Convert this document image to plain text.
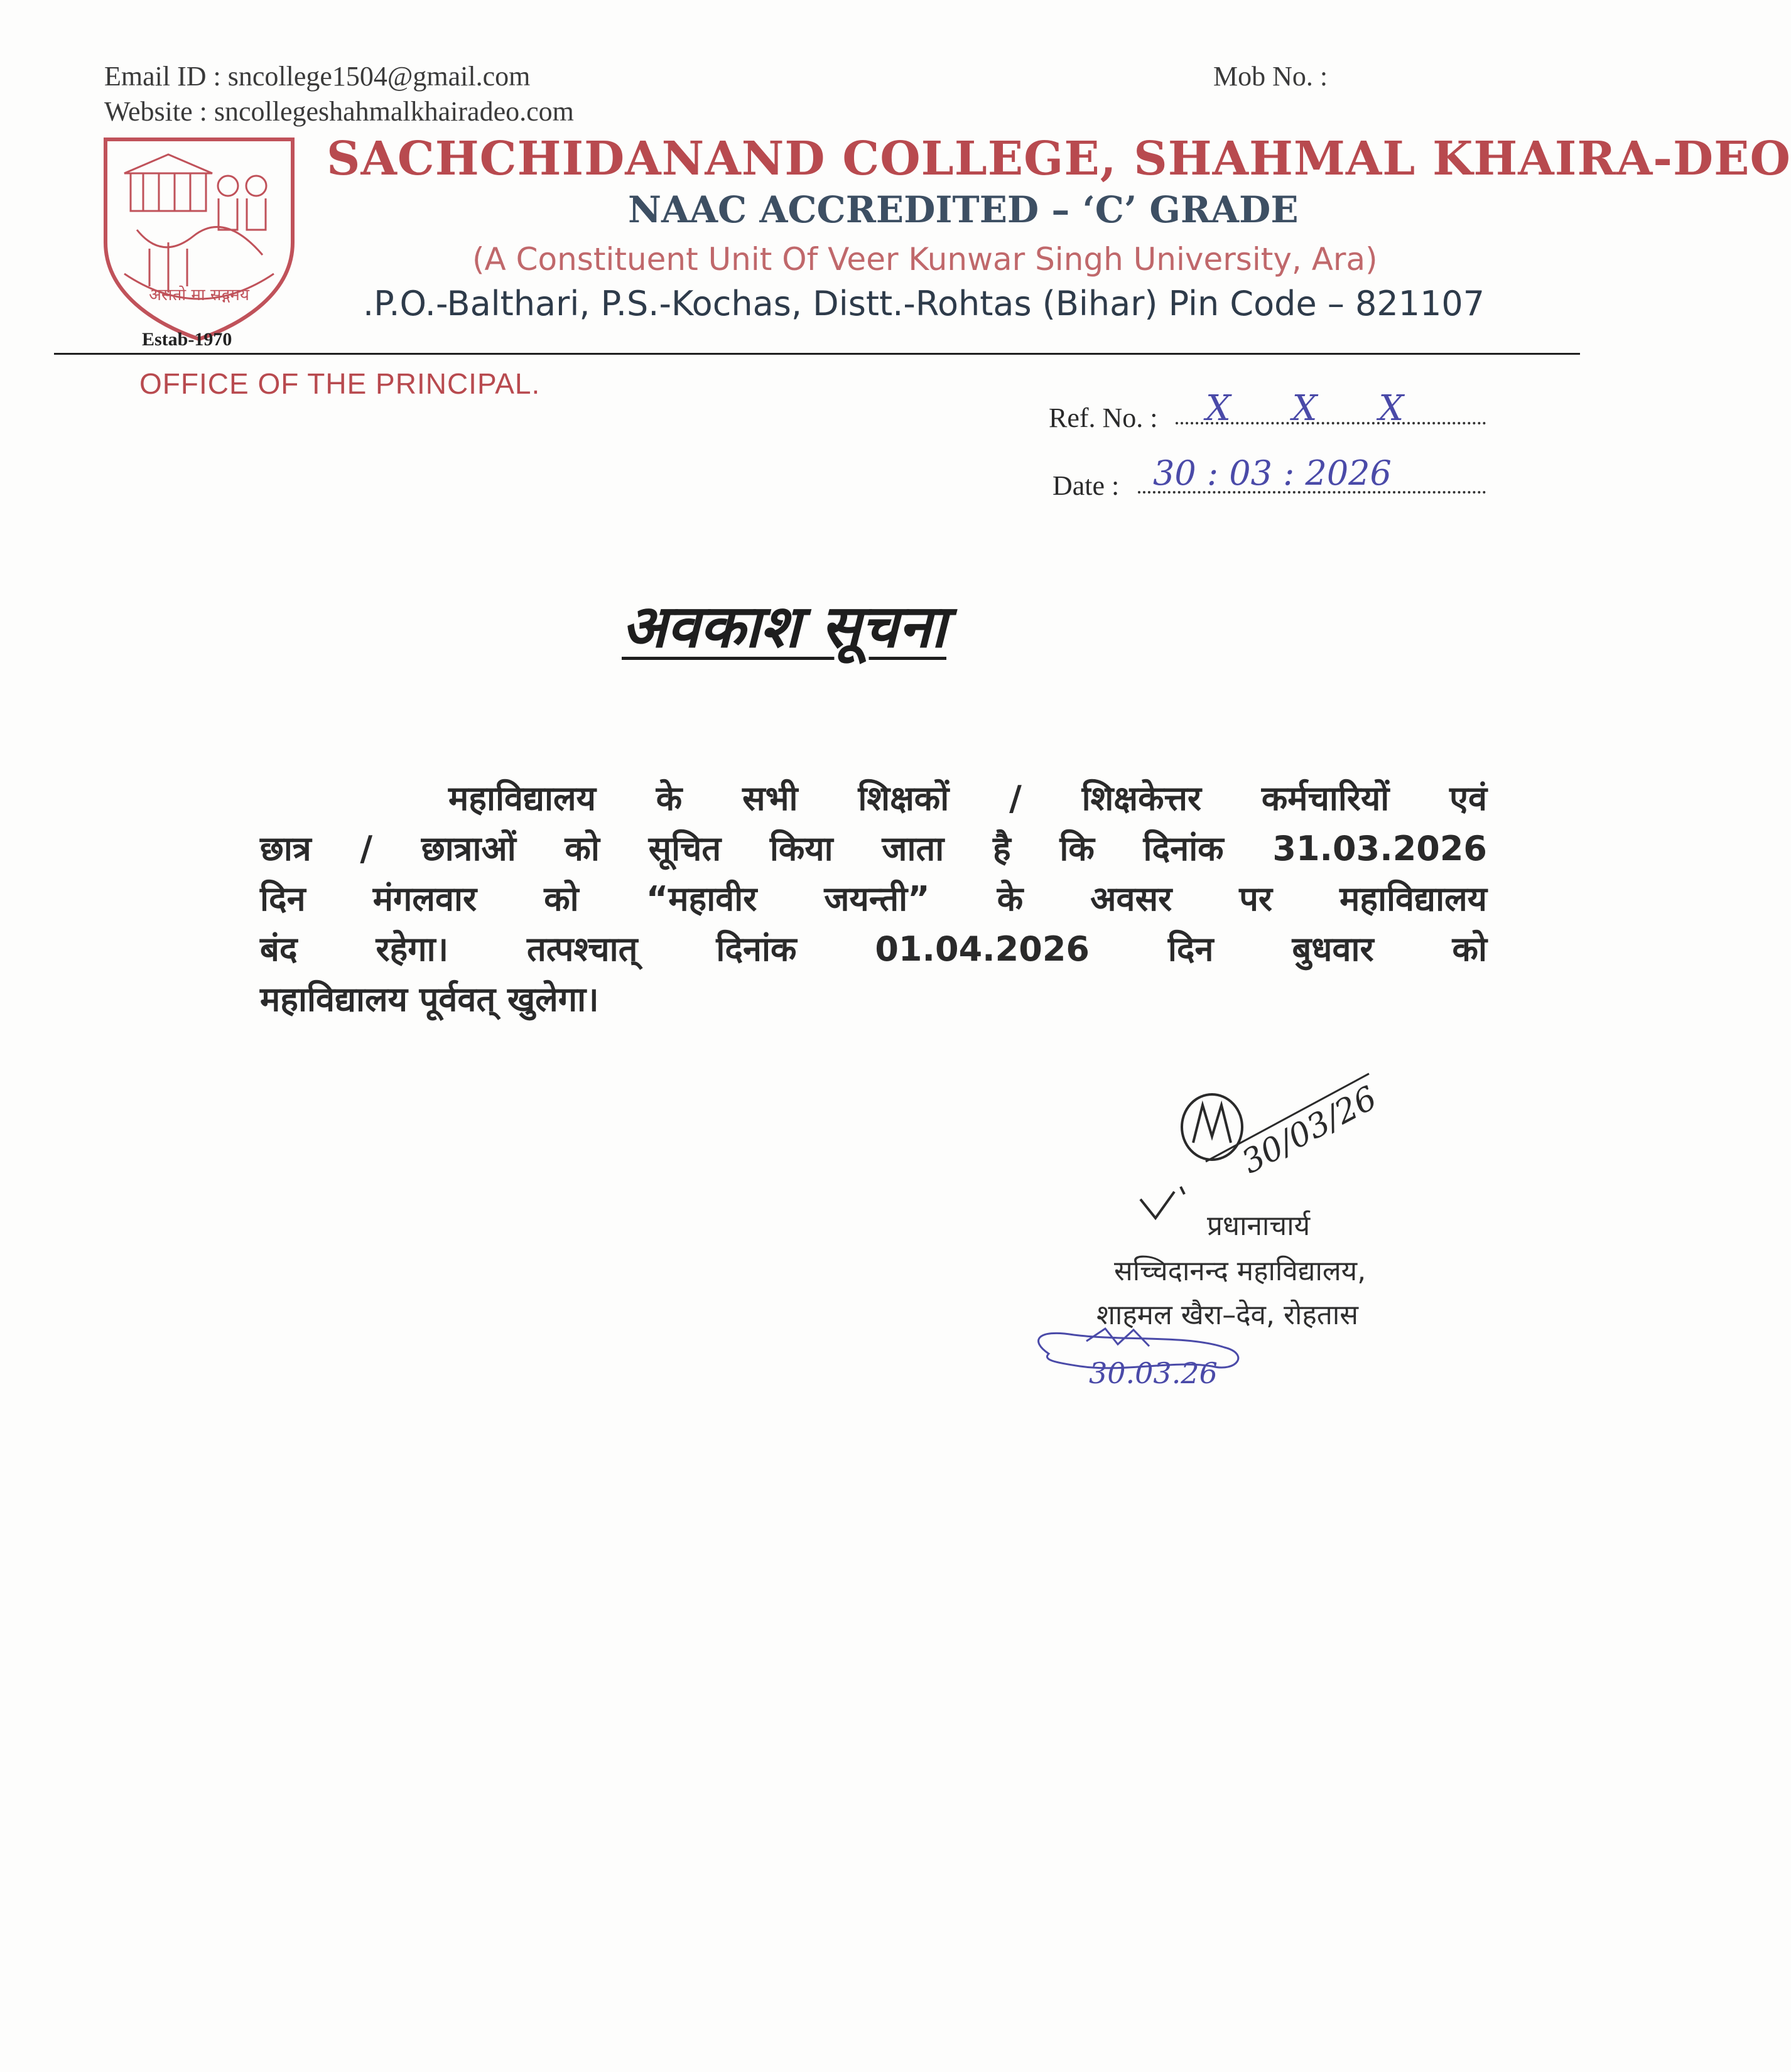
Email ID : sncollege1504@gmail.com
Website : sncollegeshahmalkhairadeo.com
Mob No. :
असतो मा सद्गमय
Estab-1970
SACHCHIDANAND COLLEGE, SHAHMAL KHAIRA-DEO
NAAC ACCREDITED – ‘C’ GRADE
(A Constituent Unit Of Veer Kunwar Singh University, Ara)
.P.O.-Balthari, P.S.-Kochas, Distt.-Rohtas (Bihar) Pin Code – 821107
OFFICE OF THE PRINCIPAL.
Ref. No. : X X X
Date : 30 : 03 : 2026
अवकाश सूचना
महाविद्यालय के सभी शिक्षकों / शिक्षकेत्तर कर्मचारियों एवं
छात्र / छात्राओं को सूचित किया जाता है कि दिनांक 31.03.2026
दिन मंगलवार को “महावीर जयन्ती” के अवसर पर महाविद्यालय
बंद रहेगा। तत्पश्चात् दिनांक 01.04.2026 दिन बुधवार को
महाविद्यालय पूर्ववत् खुलेगा।
30/03/26
प्रधानाचार्य
सच्चिदानन्द महाविद्यालय,
शाहमल खैरा–देव, रोहतास
30.03.26
